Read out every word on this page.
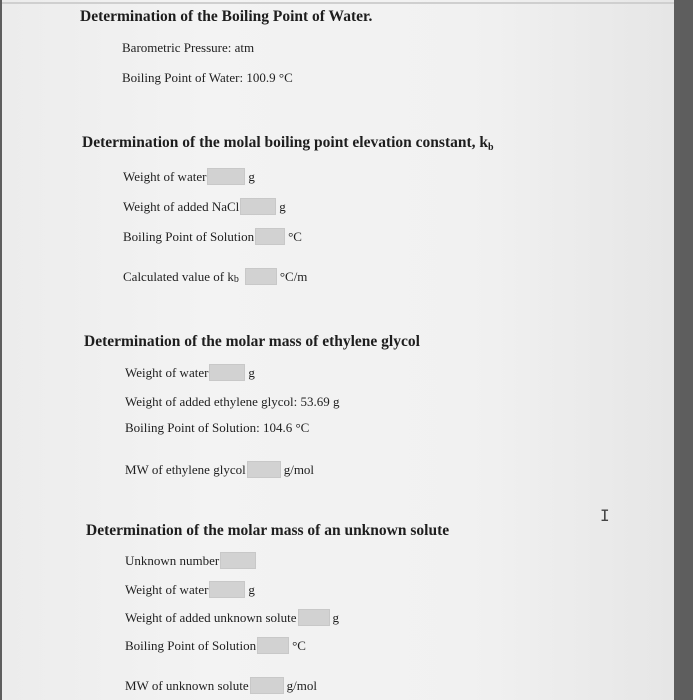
Determination of the Boiling Point of Water.
Barometric Pressure: atm
Boiling Point of Water: 100.9 °C
Determination of the molal boiling point elevation constant, kb
Weight of water	g
Weight of added NaCl	g
Boiling Point of Solution	°C
Calculated value of k b	°C/m
Determination of the molar mass of ethylene glycol
Weight of water	g
Weight of added ethylene glycol: 53.69 g
Boiling Point of Solution: 104.6 °C
MW of ethylene glycol	g/mol
Determination of the molar mass of an unknown solute
Unknown number
Weight of water	g
Weight of added unknown solute	g
Boiling Point of Solution	°C
MW of unknown solute	g/mol
I
